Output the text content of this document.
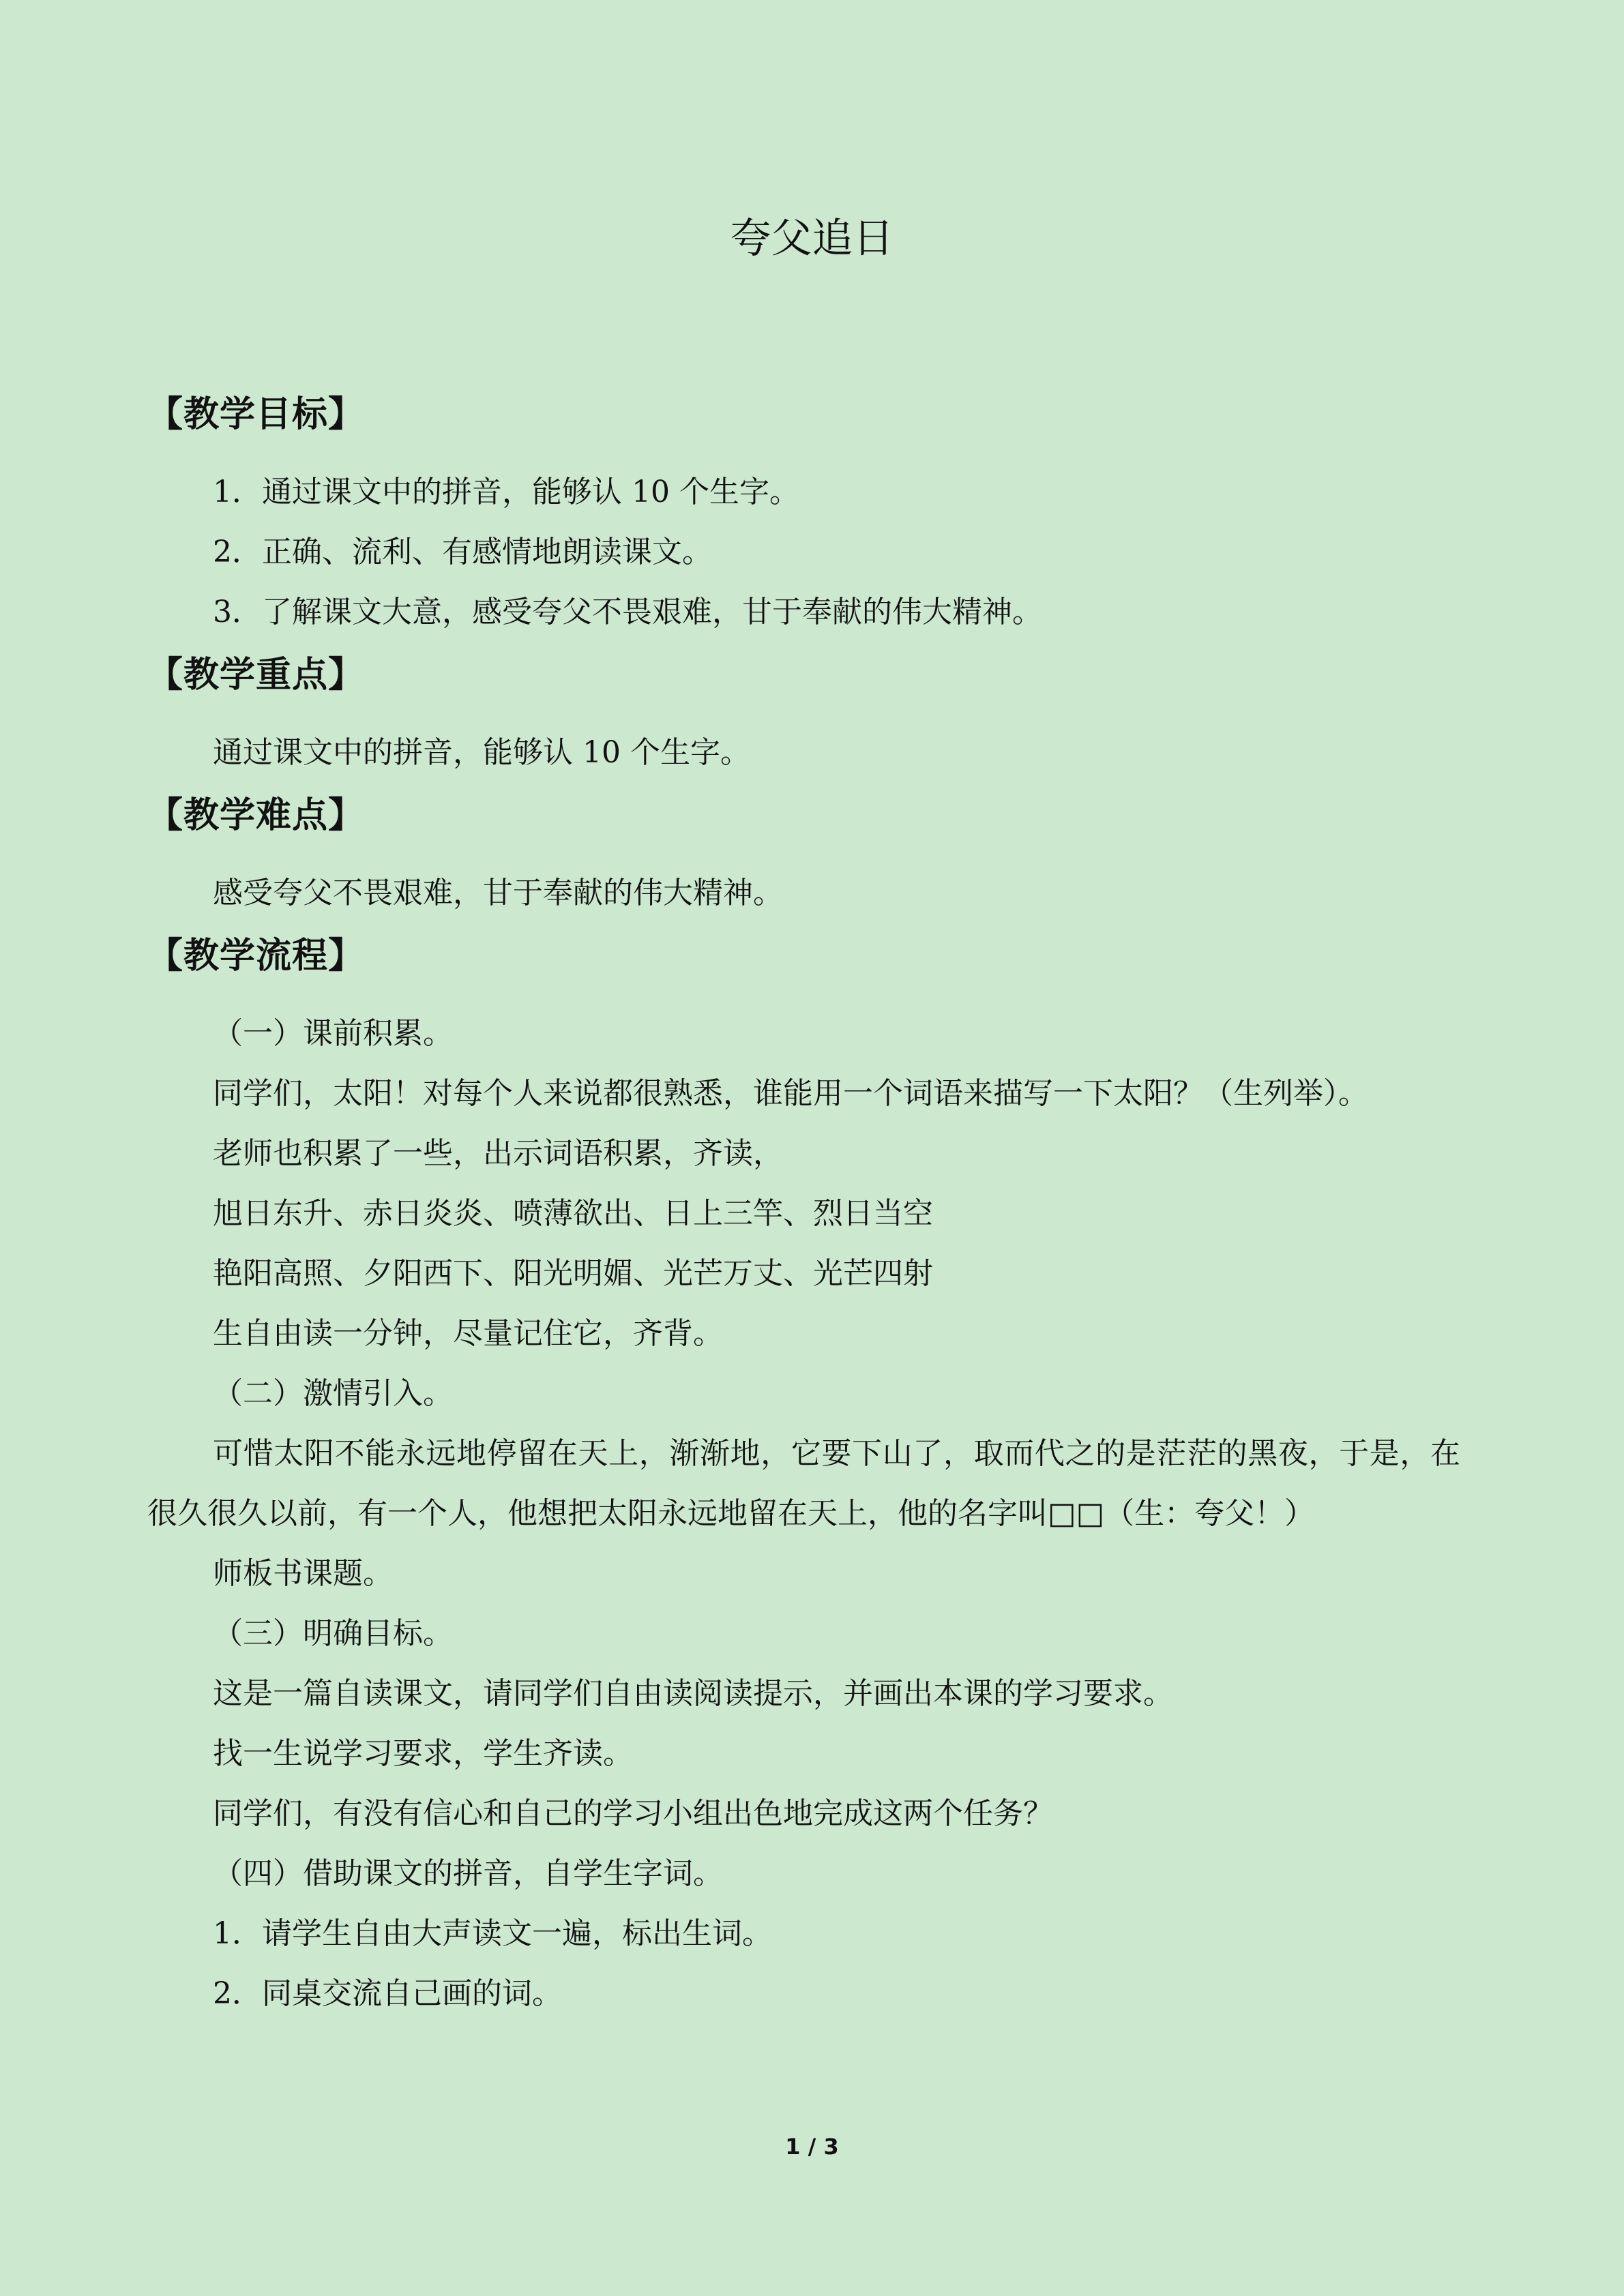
夸父追日
【教学目标】

1．通过课文中的拼音，能够认 10 个生字。

2．正确、流利、有感情地朗读课文。

3．了解课文大意，感受夸父不畏艰难，甘于奉献的伟大精神。

【教学重点】

通过课文中的拼音，能够认 10 个生字。

【教学难点】

感受夸父不畏艰难，甘于奉献的伟大精神。

【教学流程】

（一）课前积累。

同学们，太阳！对每个人来说都很熟悉，谁能用一个词语来描写一下太阳？（生列举）。

老师也积累了一些，出示词语积累，齐读，

旭日东升、赤日炎炎、喷薄欲出、日上三竿、烈日当空

艳阳高照、夕阳西下、阳光明媚、光芒万丈、光芒四射

生自由读一分钟，尽量记住它，齐背。

（二）激情引入。

可惜太阳不能永远地停留在天上，渐渐地，它要下山了，取而代之的是茫茫的黑夜，于是，在很久很久以前，有一个人，他想把太阳永远地留在天上，他的名字叫□□（生：夸父！）

师板书课题。

（三）明确目标。

这是一篇自读课文，请同学们自由读阅读提示，并画出本课的学习要求。

找一生说学习要求，学生齐读。

同学们，有没有信心和自己的学习小组出色地完成这两个任务？

（四）借助课文的拼音，自学生字词。

1．请学生自由大声读文一遍，标出生词。

2．同桌交流自己画的词。

1 / 3
